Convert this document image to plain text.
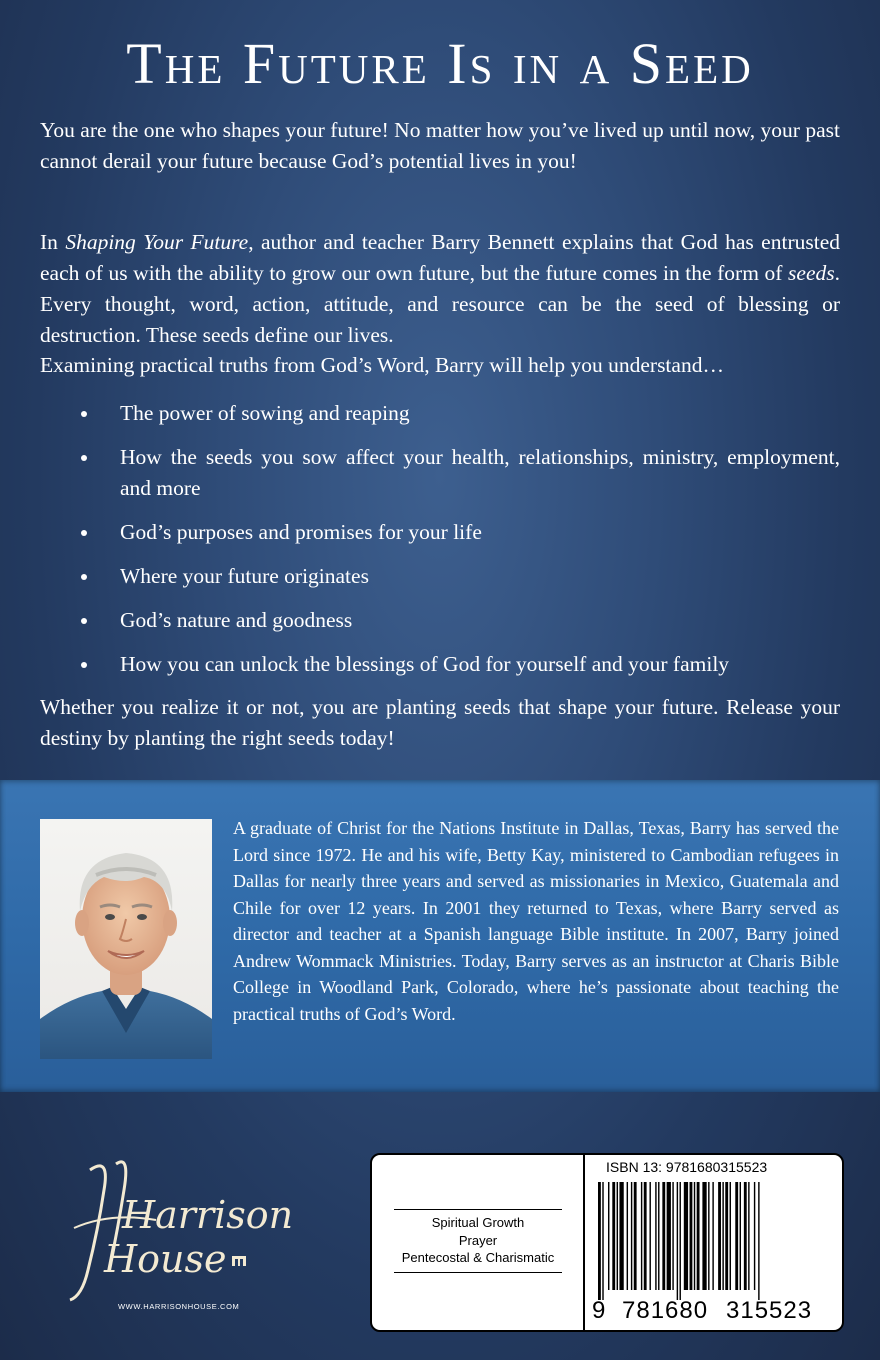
The Future Is in a Seed
You are the one who shapes your future! No matter how you’ve lived up until now, your past cannot derail your future because God’s potential lives in you!
In Shaping Your Future, author and teacher Barry Bennett explains that God has entrusted each of us with the ability to grow our own future, but the future comes in the form of seeds. Every thought, word, action, attitude, and resource can be the seed of blessing or destruction. These seeds define our lives.
Examining practical truths from God’s Word, Barry will help you understand…
The power of sowing and reaping
How the seeds you sow affect your health, relationships, ministry, employment, and more
God’s purposes and promises for your life
Where your future originates
God’s nature and goodness
How you can unlock the blessings of God for yourself and your family
Whether you realize it or not, you are planting seeds that shape your future. Release your destiny by planting the right seeds today!
A graduate of Christ for the Nations Institute in Dallas, Texas, Barry has served the Lord since 1972. He and his wife, Betty Kay, ministered to Cambodian refugees in Dallas for nearly three years and served as missionaries in Mexico, Guatemala and Chile for over 12 years. In 2001 they returned to Texas, where Barry served as director and teacher at a Spanish language Bible institute. In 2007, Barry joined Andrew Wommack Ministries. Today, Barry serves as an instructor at Charis Bible College in Woodland Park, Colorado, where he’s passionate about teaching the practical truths of God’s Word.
Harrison
House
WWW.HARRISONHOUSE.COM
Spiritual Growth
Prayer
Pentecostal & Charismatic
ISBN 13: 9781680315523
9 781680 315523
